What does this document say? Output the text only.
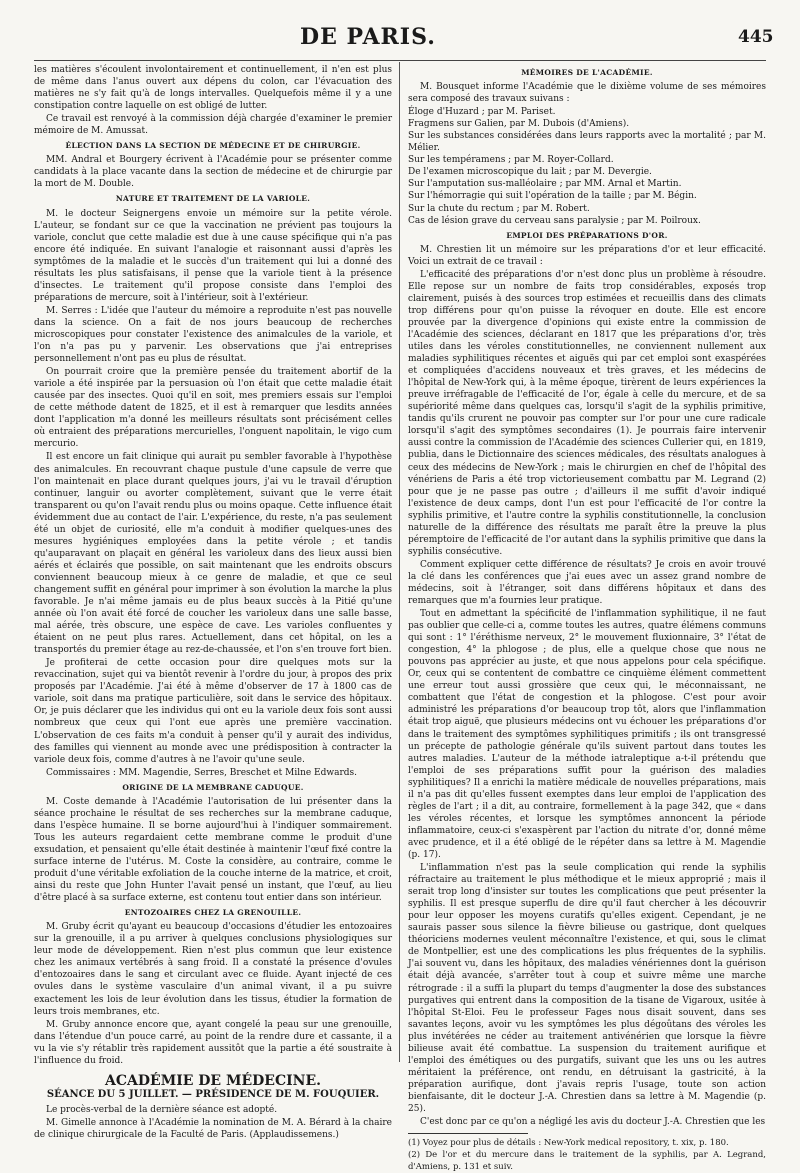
DE PARIS.	445

les matières s'écoulent involontairement et continuellement, il n'en est plus de même dans l'anus ouvert aux dépens du colon, car l'évacuation des matières ne s'y fait qu'à de longs intervalles. Quelquefois même il y a une constipation contre laquelle on est obligé de lutter.

Ce travail est renvoyé à la commission déjà chargée d'examiner le premier mémoire de M. Amussat.

ÉLECTION DANS LA SECTION DE MÉDECINE ET DE CHIRURGIE.

MM. Andral et Bourgery écrivent à l'Académie pour se présenter comme candidats à la place vacante dans la section de médecine et de chirurgie par la mort de M. Double.

NATURE ET TRAITEMENT DE LA VARIOLE.

M. le docteur Seignergens envoie un mémoire sur la petite vérole. L'auteur, se fondant sur ce que la vaccination ne prévient pas toujours la variole, conclut que cette maladie est due à une cause spécifique qui n'a pas encore été indiquée. En suivant l'analogie et raisonnant aussi d'après les symptômes de la maladie et le succès d'un traitement qui lui a donné des résultats les plus satisfaisans, il pense que la variole tient à la présence d'insectes. Le traitement qu'il propose consiste dans l'emploi des préparations de mercure, soit à l'intérieur, soit à l'extérieur.

M. Serres : L'idée que l'auteur du mémoire a reproduite n'est pas nouvelle dans la science. On a fait de nos jours beaucoup de recherches microscopiques pour constater l'existence des animalcules de la variole, et l'on n'a pas pu y parvenir. Les observations que j'ai entreprises personnellement n'ont pas eu plus de résultat.

On pourrait croire que la première pensée du traitement abortif de la variole a été inspirée par la persuasion où l'on était que cette maladie était causée par des insectes. Quoi qu'il en soit, mes premiers essais sur l'emploi de cette méthode datent de 1825, et il est à remarquer que lesdits années dont l'application m'a donné les meilleurs résultats sont précisément celles où entraient des préparations mercurielles, l'onguent napolitain, le vigo cum mercurio.

Il est encore un fait clinique qui aurait pu sembler favorable à l'hypothèse des animalcules. En recouvrant chaque pustule d'une capsule de verre que l'on maintenait en place durant quelques jours, j'ai vu le travail d'éruption continuer, languir ou avorter complètement, suivant que le verre était transparent ou qu'on l'avait rendu plus ou moins opaque. Cette influence était évidemment due au contact de l'air. L'expérience, du reste, n'a pas seulement été un objet de curiosité, elle m'a conduit à modifier quelques-unes des mesures hygiéniques employées dans la petite vérole ; et tandis qu'auparavant on plaçait en général les varioleux dans des lieux aussi bien aérés et éclairés que possible, on sait maintenant que les endroits obscurs conviennent beaucoup mieux à ce genre de maladie, et que ce seul changement suffit en général pour imprimer à son évolution la marche la plus favorable. Je n'ai même jamais eu de plus beaux succès à la Pitié qu'une année où l'on avait été forcé de coucher les varioleux dans une salle basse, mal aérée, très obscure, une espèce de cave. Les varioles confluentes y étaient on ne peut plus rares. Actuellement, dans cet hôpital, on les a transportés du premier étage au rez-de-chaussée, et l'on s'en trouve fort bien.

Je profiterai de cette occasion pour dire quelques mots sur la revaccination, sujet qui va bientôt revenir à l'ordre du jour, à propos des prix proposés par l'Académie. J'ai été à même d'observer de 17 à 1800 cas de variole, soit dans ma pratique particulière, soit dans le service des hôpitaux. Or, je puis déclarer que les individus qui ont eu la variole deux fois sont aussi nombreux que ceux qui l'ont eue après une première vaccination. L'observation de ces faits m'a conduit à penser qu'il y aurait des individus, des familles qui viennent au monde avec une prédisposition à contracter la variole deux fois, comme d'autres à ne l'avoir qu'une seule.

Commissaires : MM. Magendie, Serres, Breschet et Milne Edwards.

ORIGINE DE LA MEMBRANE CADUQUE.

M. Coste demande à l'Académie l'autorisation de lui présenter dans la séance prochaine le résultat de ses recherches sur la membrane caduque, dans l'espèce humaine. Il se borne aujourd'hui à l'indiquer sommairement. Tous les auteurs regardaient cette membrane comme le produit d'une exsudation, et pensaient qu'elle était destinée à maintenir l'œuf fixé contre la surface interne de l'utérus. M. Coste la considère, au contraire, comme le produit d'une véritable exfoliation de la couche interne de la matrice, et croit, ainsi du reste que John Hunter l'avait pensé un instant, que l'œuf, au lieu d'être placé à sa surface externe, est contenu tout entier dans son intérieur.

ENTOZOAIRES CHEZ LA GRENOUILLE.

M. Gruby écrit qu'ayant eu beaucoup d'occasions d'étudier les entozoaires sur la grenouille, il a pu arriver à quelques conclusions physiologiques sur leur mode de développement. Rien n'est plus commun que leur existence chez les animaux vertébrés à sang froid. Il a constaté la présence d'ovules d'entozoaires dans le sang et circulant avec ce fluide. Ayant injecté de ces ovules dans le système vasculaire d'un animal vivant, il a pu suivre exactement les lois de leur évolution dans les tissus, étudier la formation de leurs trois membranes, etc.

M. Gruby annonce encore que, ayant congelé la peau sur une grenouille, dans l'étendue d'un pouce carré, au point de la rendre dure et cassante, il a vu la vie s'y rétablir très rapidement aussitôt que la partie a été soustraite à l'influence du froid.

ACADÉMIE DE MÉDECINE.
SÉANCE DU 5 JUILLET. — PRÉSIDENCE DE M. FOUQUIER.

Le procès-verbal de la dernière séance est adopté.

M. Gimelle annonce à l'Académie la nomination de M. A. Bérard à la chaire de clinique chirurgicale de la Faculté de Paris. (Applaudissemens.)

MÉMOIRES DE L'ACADÉMIE.

M. Bousquet informe l'Académie que le dixième volume de ses mémoires sera composé des travaux suivans :

Éloge d'Huzard ; par M. Pariset.
Fragmens sur Galien, par M. Dubois (d'Amiens).
Sur les substances considérées dans leurs rapports avec la mortalité ; par M. Mélier.
Sur les tempéramens ; par M. Royer-Collard.
De l'examen microscopique du lait ; par M. Devergie.
Sur l'amputation sus-malléolaire ; par MM. Arnal et Martin.
Sur l'hémorragie qui suit l'opération de la taille ; par M. Bégin.
Sur la chute du rectum ; par M. Robert.
Cas de lésion grave du cerveau sans paralysie ; par M. Poilroux.
EMPLOI DES PRÉPARATIONS D'OR.

M. Chrestien lit un mémoire sur les préparations d'or et leur efficacité. Voici un extrait de ce travail :

L'efficacité des préparations d'or n'est donc plus un problème à résoudre. Elle repose sur un nombre de faits trop considérables, exposés trop clairement, puisés à des sources trop estimées et recueillis dans des climats trop différens pour qu'on puisse la révoquer en doute. Elle est encore prouvée par la divergence d'opinions qui existe entre la commission de l'Académie des sciences, déclarant en 1817 que les préparations d'or, très utiles dans les véroles constitutionnelles, ne conviennent nullement aux maladies syphilitiques récentes et aiguës qui par cet emploi sont exaspérées et compliquées d'accidens nouveaux et très graves, et les médecins de l'hôpital de New-York qui, à la même époque, tirèrent de leurs expériences la preuve irréfragable de l'efficacité de l'or, égale à celle du mercure, et de sa supériorité même dans quelques cas, lorsqu'il s'agit de la syphilis primitive, tandis qu'ils crurent ne pouvoir pas compter sur l'or pour une cure radicale lorsqu'il s'agit des symptômes secondaires (1). Je pourrais faire intervenir aussi contre la commission de l'Académie des sciences Cullerier qui, en 1819, publia, dans le Dictionnaire des sciences médicales, des résultats analogues à ceux des médecins de New-York ; mais le chirurgien en chef de l'hôpital des vénériens de Paris a été trop victorieusement combattu par M. Legrand (2) pour que je ne passe pas outre ; d'ailleurs il me suffit d'avoir indiqué l'existence de deux camps, dont l'un est pour l'efficacité de l'or contre la syphilis primitive, et l'autre contre la syphilis constitutionnelle, la conclusion naturelle de la différence des résultats me paraît être la preuve la plus péremptoire de l'efficacité de l'or autant dans la syphilis primitive que dans la syphilis consécutive.

Comment expliquer cette différence de résultats? Je crois en avoir trouvé la clé dans les conférences que j'ai eues avec un assez grand nombre de médecins, soit à l'étranger, soit dans différens hôpitaux et dans des remarques que m'a fournies leur pratique.

Tout en admettant la spécificité de l'inflammation syphilitique, il ne faut pas oublier que celle-ci a, comme toutes les autres, quatre élémens communs qui sont : 1° l'éréthisme nerveux, 2° le mouvement fluxionnaire, 3° l'état de congestion, 4° la phlogose ; de plus, elle a quelque chose que nous ne pouvons pas apprécier au juste, et que nous appelons pour cela spécifique. Or, ceux qui se contentent de combattre ce cinquième élément commettent une erreur tout aussi grossière que ceux qui, le méconnaissant, ne combattent que l'état de congestion et la phlogose. C'est pour avoir administré les préparations d'or beaucoup trop tôt, alors que l'inflammation était trop aiguë, que plusieurs médecins ont vu échouer les préparations d'or dans le traitement des symptômes syphilitiques primitifs ; ils ont transgressé un précepte de pathologie générale qu'ils suivent partout dans toutes les autres maladies. L'auteur de la méthode iatraleptique a-t-il prétendu que l'emploi de ses préparations suffit pour la guérison des maladies syphilitiques? Il a enrichi la matière médicale de nouvelles préparations, mais il n'a pas dit qu'elles fussent exemptes dans leur emploi de l'application des règles de l'art ; il a dit, au contraire, formellement à la page 342, que « dans les véroles récentes, et lorsque les symptômes annoncent la période inflammatoire, ceux-ci s'exaspèrent par l'action du nitrate d'or, donné même avec prudence, et il a été obligé de le répéter dans sa lettre à M. Magendie (p. 17).

L'inflammation n'est pas la seule complication qui rende la syphilis réfractaire au traitement le plus méthodique et le mieux approprié ; mais il serait trop long d'insister sur toutes les complications que peut présenter la syphilis. Il est presque superflu de dire qu'il faut chercher à les découvrir pour leur opposer les moyens curatifs qu'elles exigent. Cependant, je ne saurais passer sous silence la fièvre bilieuse ou gastrique, dont quelques théoriciens modernes veulent méconnaître l'existence, et qui, sous le climat de Montpellier, est une des complications les plus fréquentes de la syphilis. J'ai souvent vu, dans les hôpitaux, des maladies vénériennes dont la guérison était déjà avancée, s'arrêter tout à coup et suivre même une marche rétrograde : il a suffi la plupart du temps d'augmenter la dose des substances purgatives qui entrent dans la composition de la tisane de Vigaroux, usitée à l'hôpital St-Eloi. Feu le professeur Fages nous disait souvent, dans ses savantes leçons, avoir vu les symptômes les plus dégoûtans des véroles les plus invétérées ne céder au traitement antivénérien que lorsque la fièvre bilieuse avait été combattue. La suspension du traitement aurifique et l'emploi des émétiques ou des purgatifs, suivant que les uns ou les autres méritaient la préférence, ont rendu, en détruisant la gastricité, à la préparation aurifique, dont j'avais repris l'usage, toute son action bienfaisante, dit le docteur J.-A. Chrestien dans sa lettre à M. Magendie (p. 25).

C'est donc par ce qu'on a négligé les avis du docteur J.-A. Chrestien que les

(1) Voyez pour plus de détails : New-York medical repository, t. xix, p. 180.

(2) De l'or et du mercure dans le traitement de la syphilis, par A. Legrand, d'Amiens, p. 131 et suiv.
